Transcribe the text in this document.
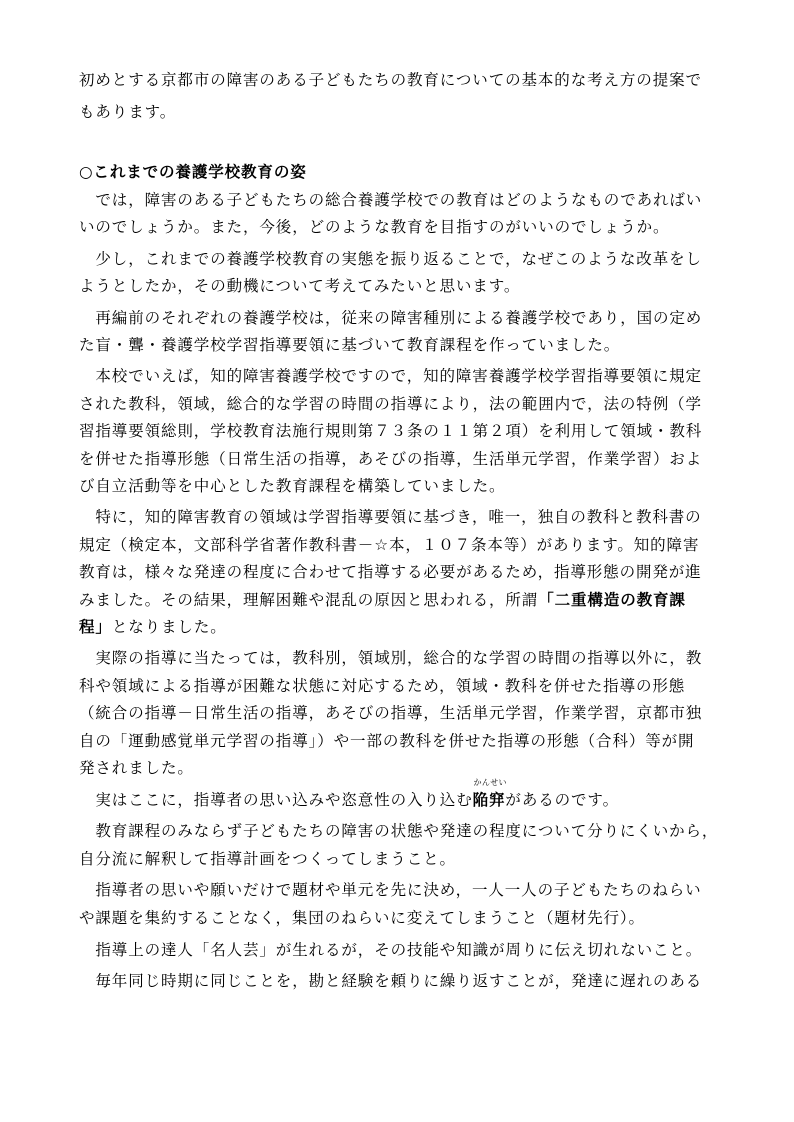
初めとする京都市の障害のある子どもたちの教育についての基本的な考え方の提案で
もあります。
○これまでの養護学校教育の姿
　では，障害のある子どもたちの総合養護学校での教育はどのようなものであればい
いのでしょうか。また，今後，どのような教育を目指すのがいいのでしょうか。
　少し，これまでの養護学校教育の実態を振り返ることで，なぜこのような改革をし
ようとしたか，その動機について考えてみたいと思います。
　再編前のそれぞれの養護学校は，従来の障害種別による養護学校であり，国の定め
た盲・聾・養護学校学習指導要領に基づいて教育課程を作っていました。
　本校でいえば，知的障害養護学校ですので，知的障害養護学校学習指導要領に規定
された教科，領域，総合的な学習の時間の指導により，法の範囲内で，法の特例（学
習指導要領総則，学校教育法施行規則第７３条の１１第２項）を利用して領域・教科
を併せた指導形態（日常生活の指導，あそびの指導，生活単元学習，作業学習）およ
び自立活動等を中心とした教育課程を構築していました。
　特に，知的障害教育の領域は学習指導要領に基づき，唯一，独自の教科と教科書の
規定（検定本，文部科学省著作教科書－☆本，１０７条本等）があります。知的障害
教育は，様々な発達の程度に合わせて指導する必要があるため，指導形態の開発が進
みました。その結果，理解困難や混乱の原因と思われる，所謂「二重構造の教育課
程」となりました。
　実際の指導に当たっては，教科別，領域別，総合的な学習の時間の指導以外に，教
科や領域による指導が困難な状態に対応するため，領域・教科を併せた指導の形態
（統合の指導－日常生活の指導，あそびの指導，生活単元学習，作業学習，京都市独
自の「運動感覚単元学習の指導」）や一部の教科を併せた指導の形態（合科）等が開
発されました。
　実はここに，指導者の思い込みや恣意性の入り込む
かんせい
陥穽があるのです。
　教育課程のみならず子どもたちの障害の状態や発達の程度について分りにくいから，
自分流に解釈して指導計画をつくってしまうこと。
　指導者の思いや願いだけで題材や単元を先に決め，一人一人の子どもたちのねらい
や課題を集約することなく，集団のねらいに変えてしまうこと（題材先行）。
　指導上の達人「名人芸」が生れるが，その技能や知識が周りに伝え切れないこと。
　毎年同じ時期に同じことを，勘と経験を頼りに繰り返すことが，発達に遅れのある
